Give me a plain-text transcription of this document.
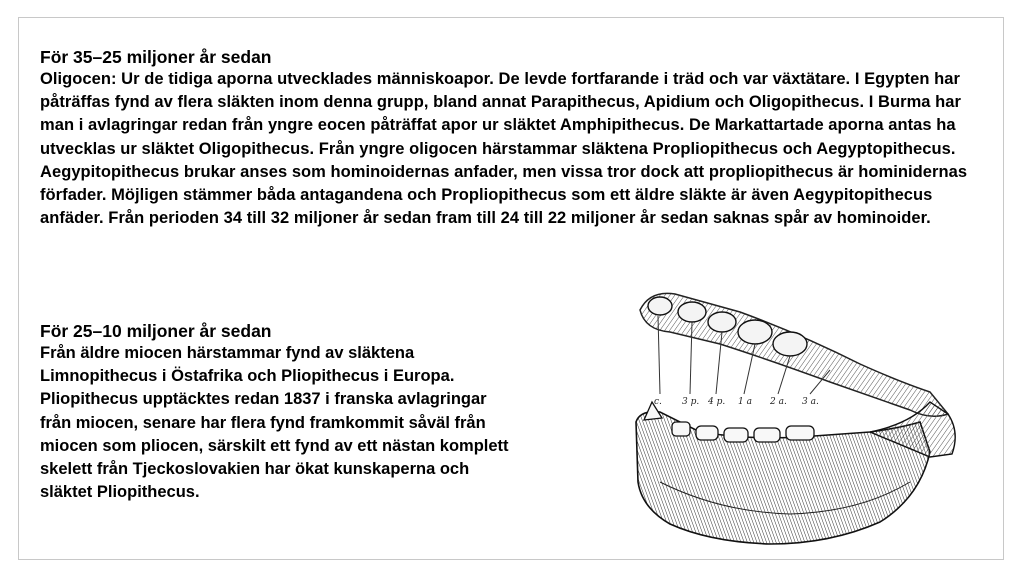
För 35–25 miljoner år sedan
Oligocen: Ur de tidiga aporna utvecklades människoapor. De levde fortfarande i träd och var växtätare. I Egypten har påträffas fynd av flera släkten inom denna grupp, bland annat Parapithecus, Apidium och Oligopithecus. I Burma har man i avlagringar redan från yngre eocen påträffat apor ur släktet Amphipithecus. De Markattartade aporna antas ha utvecklas ur släktet Oligopithecus. Från yngre oligocen härstammar släktena Propliopithecus och Aegyptopithecus. Aegypitopithecus brukar anses som hominoidernas anfader, men vissa tror dock att propliopithecus är hominidernas förfader. Möjligen stämmer båda antagandena och Propliopithecus som ett äldre släkte är även Aegypitopithecus anfäder. Från perioden 34 till 32 miljoner år sedan fram till 24 till 22 miljoner år sedan saknas spår av hominoider.
För 25–10 miljoner år sedan
Från äldre miocen härstammar fynd av släktena Limnopithecus i Östafrika och Pliopithecus i Europa. Pliopithecus upptäcktes redan 1837 i franska avlagringar från miocen, senare har flera fynd framkommit såväl från miocen som pliocen, särskilt ett fynd av ett nästan komplett skelett från Tjeckoslovakien har ökat kunskaperna och släktet Pliopithecus.
c. 3 p. 4 p. 1 a 2 a. 3 a.
